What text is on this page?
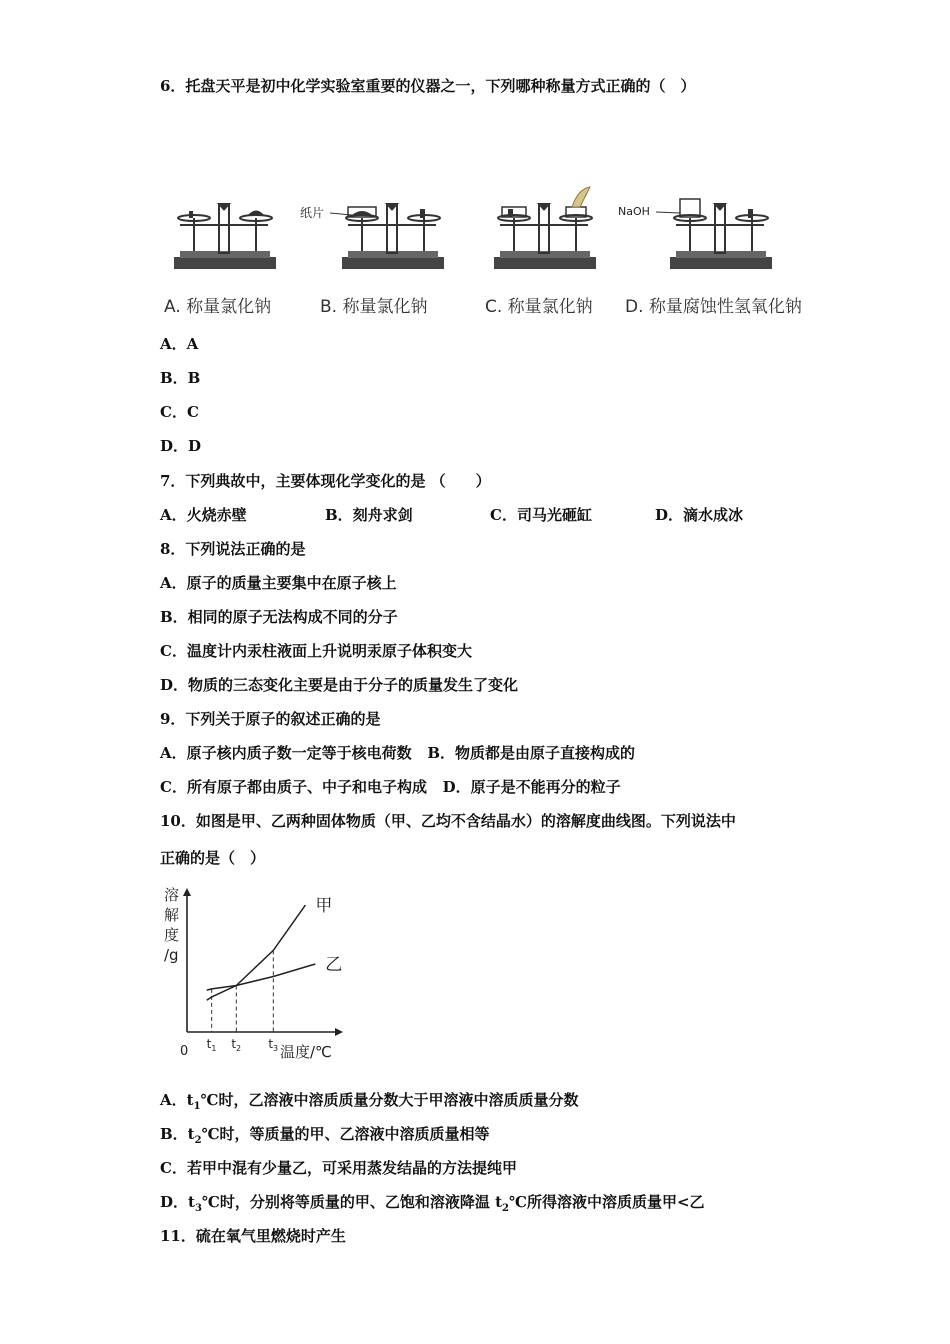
6．托盘天平是初中化学实验室重要的仪器之一，下列哪种称量方式正确的（　）
纸片	NaOH
A. 称量氯化钠	B. 称量氯化钠	C. 称量氯化钠 D. 称量腐蚀性氢氧化钠
A．A
B．B
C．C
D．D
7．下列典故中，主要体现化学变化的是 （　　）
A．火烧赤壁	B．刻舟求剑	C．司马光砸缸	D．滴水成冰
8．下列说法正确的是
A．原子的质量主要集中在原子核上
B．相同的原子无法构成不同的分子
C．温度计内汞柱液面上升说明汞原子体积变大
D．物质的三态变化主要是由于分子的质量发生了变化
9．下列关于原子的叙述正确的是
A．原子核内质子数一定等于核电荷数 B．物质都是由原子直接构成的
C．所有原子都由质子、中子和电子构成 D．原子是不能再分的粒子
10．如图是甲、乙两种固体物质（甲、乙均不含结晶水）的溶解度曲线图。下列说法中
正确的是（　）
溶
解
度
/g
0	温度/℃
$t_1$ $t_2$ $t_3$
甲
乙
A．$t_1℃$时，乙溶液中溶质质量分数大于甲溶液中溶质质量分数
B．$t_2℃$时，等质量的甲、乙溶液中溶质质量相等
C．若甲中混有少量乙，可采用蒸发结晶的方法提纯甲
D．$t_3℃$时，分别将等质量的甲、乙饱和溶液降温 $t_2℃$所得溶液中溶质质量甲<乙
11．硫在氧气里燃烧时产生
